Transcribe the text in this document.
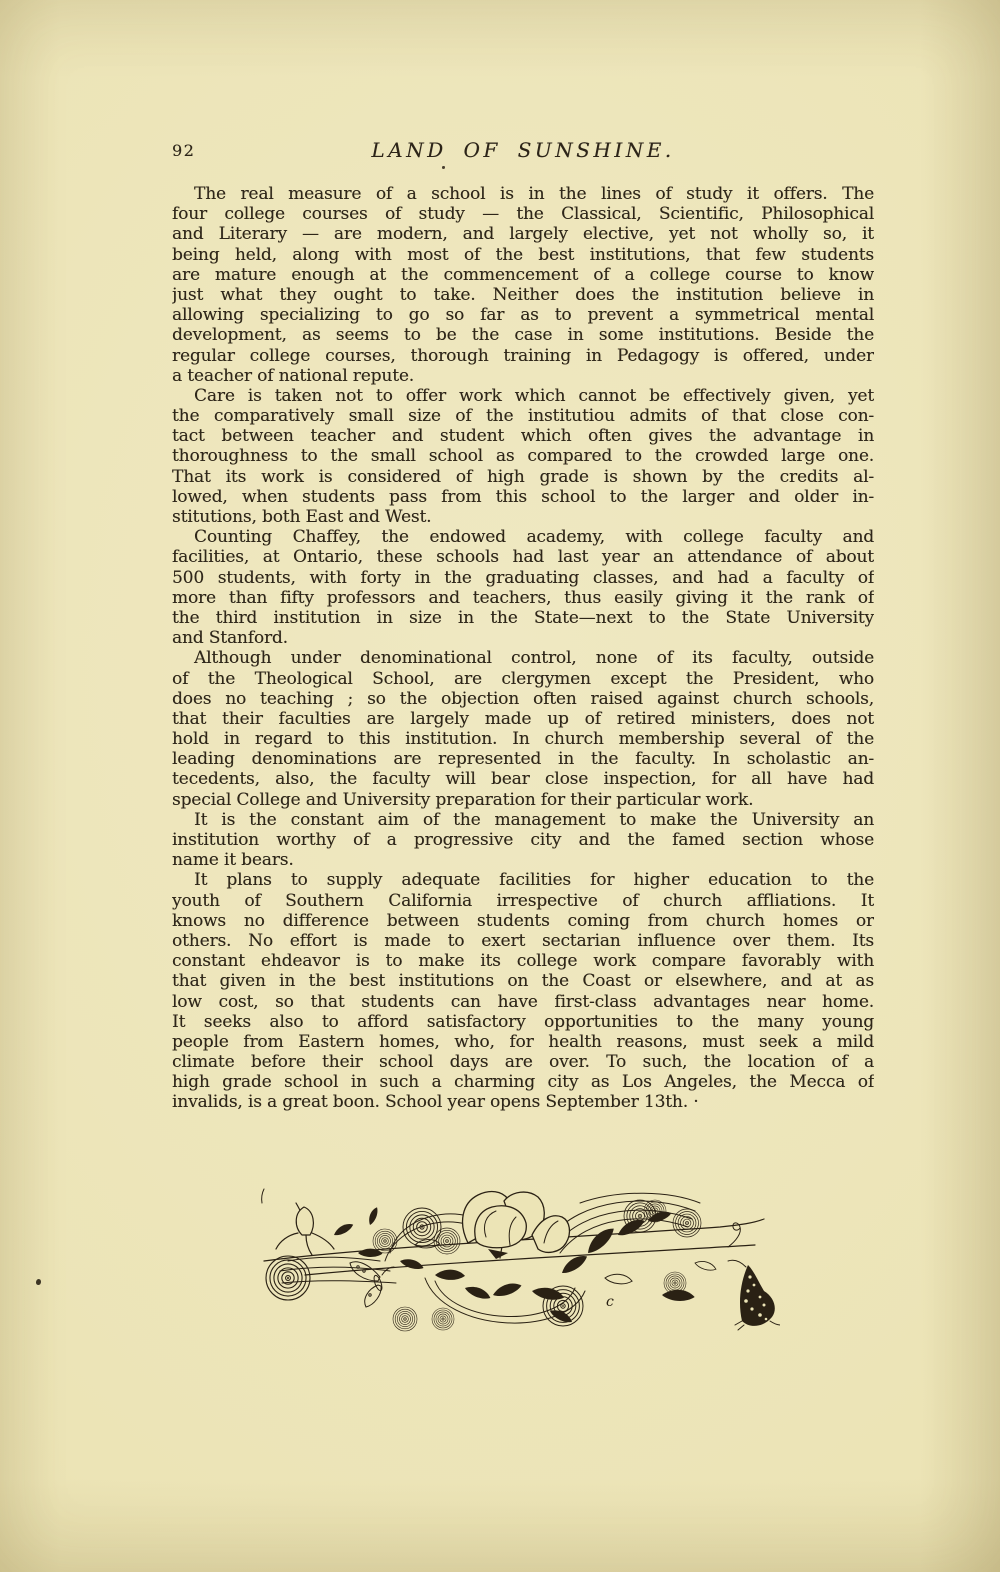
92	LAND OF SUNSHINE.
The real measure of a school is in the lines of study it offers. The
four college courses of study — the Classical, Scientific, Philosophical
and Literary — are modern, and largely elective, yet not wholly so, it
being held, along with most of the best institutions, that few students
are mature enough at the commencement of a college course to know
just what they ought to take. Neither does the institution believe in
allowing specializing to go so far as to prevent a symmetrical mental
development, as seems to be the case in some institutions. Beside the
regular college courses, thorough training in Pedagogy is offered, under
a teacher of national repute.
Care is taken not to offer work which cannot be effectively given, yet
the comparatively small size of the institutiou admits of that close con-
tact between teacher and student which often gives the advantage in
thoroughness to the small school as compared to the crowded large one.
That its work is considered of high grade is shown by the credits al-
lowed, when students pass from this school to the larger and older in-
stitutions, both East and West.
Counting Chaffey, the endowed academy, with college faculty and
facilities, at Ontario, these schools had last year an attendance of about
500 students, with forty in the graduating classes, and had a faculty of
more than fifty professors and teachers, thus easily giving it the rank of
the third institution in size in the State—next to the State University
and Stanford.
Although under denominational control, none of its faculty, outside
of the Theological School, are clergymen except the President, who
does no teaching ; so the objection often raised against church schools,
that their faculties are largely made up of retired ministers, does not
hold in regard to this institution. In church membership several of the
leading denominations are represented in the faculty. In scholastic an-
tecedents, also, the faculty will bear close inspection, for all have had
special College and University preparation for their particular work.
It is the constant aim of the management to make the University an
institution worthy of a progressive city and the famed section whose
name it bears.
It plans to supply adequate facilities for higher education to the
youth of Southern California irrespective of church affliations. It
knows no difference between students coming from church homes or
others. No effort is made to exert sectarian influence over them. Its
constant ehdeavor is to make its college work compare favorably with
that given in the best institutions on the Coast or elsewhere, and at as
low cost, so that students can have first-class advantages near home.
It seeks also to afford satisfactory opportunities to the many young
people from Eastern homes, who, for health reasons, must seek a mild
climate before their school days are over. To such, the location of a
high grade school in such a charming city as Los Angeles, the Mecca of
invalids, is a great boon. School year opens September 13th. ·
c
